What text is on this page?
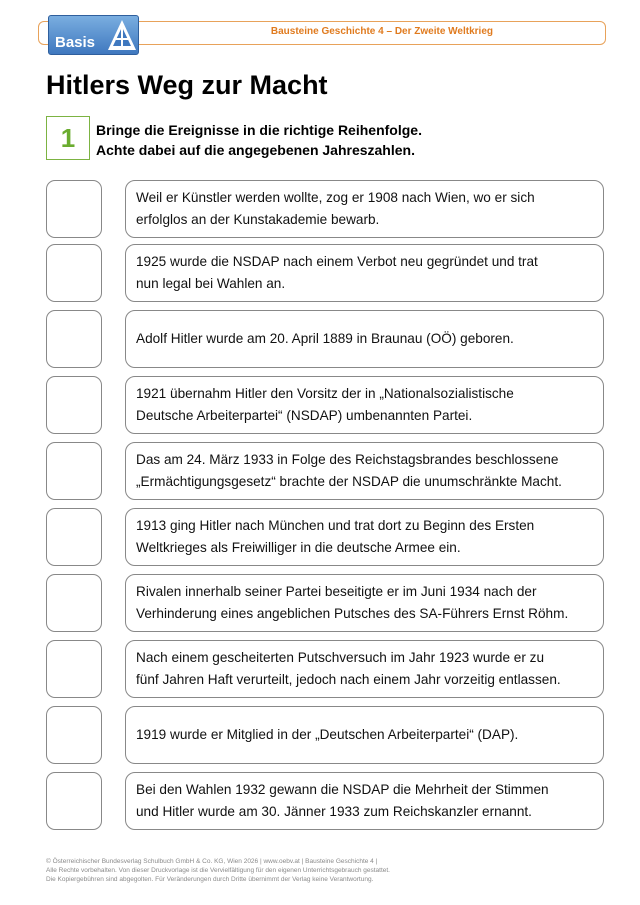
Bausteine Geschichte 4 – Der Zweite Weltkrieg
Basis
Hitlers Weg zur Macht
1	Bringe die Ereignisse in die richtige Reihenfolge.
Achte dabei auf die angegebenen Jahreszahlen.
Weil er Künstler werden wollte, zog er 1908 nach Wien, wo er sich
erfolglos an der Kunstakademie bewarb.
1925 wurde die NSDAP nach einem Verbot neu gegründet und trat
nun legal bei Wahlen an.
Adolf Hitler wurde am 20. April 1889 in Braunau (OÖ) geboren.
1921 übernahm Hitler den Vorsitz der in „Nationalsozialistische
Deutsche Arbeiterpartei“ (NSDAP) umbenannten Partei.
Das am 24. März 1933 in Folge des Reichstagsbrandes beschlossene
„Ermächtigungsgesetz“ brachte der NSDAP die unumschränkte Macht.
1913 ging Hitler nach München und trat dort zu Beginn des Ersten
Weltkrieges als Freiwilliger in die deutsche Armee ein.
Rivalen innerhalb seiner Partei beseitigte er im Juni 1934 nach der
Verhinderung eines angeblichen Putsches des SA-Führers Ernst Röhm.
Nach einem gescheiterten Putschversuch im Jahr 1923 wurde er zu
fünf Jahren Haft verurteilt, jedoch nach einem Jahr vorzeitig entlassen.
1919 wurde er Mitglied in der „Deutschen Arbeiterpartei“ (DAP).
Bei den Wahlen 1932 gewann die NSDAP die Mehrheit der Stimmen
und Hitler wurde am 30. Jänner 1933 zum Reichskanzler ernannt.
© Österreichischer Bundesverlag Schulbuch GmbH & Co. KG, Wien 2026 | www.oebv.at | Bausteine Geschichte 4 |
Alle Rechte vorbehalten. Von dieser Druckvorlage ist die Vervielfältigung für den eigenen Unterrichtsgebrauch gestattet.
Die Kopiergebühren sind abgegolten. Für Veränderungen durch Dritte übernimmt der Verlag keine Verantwortung.
